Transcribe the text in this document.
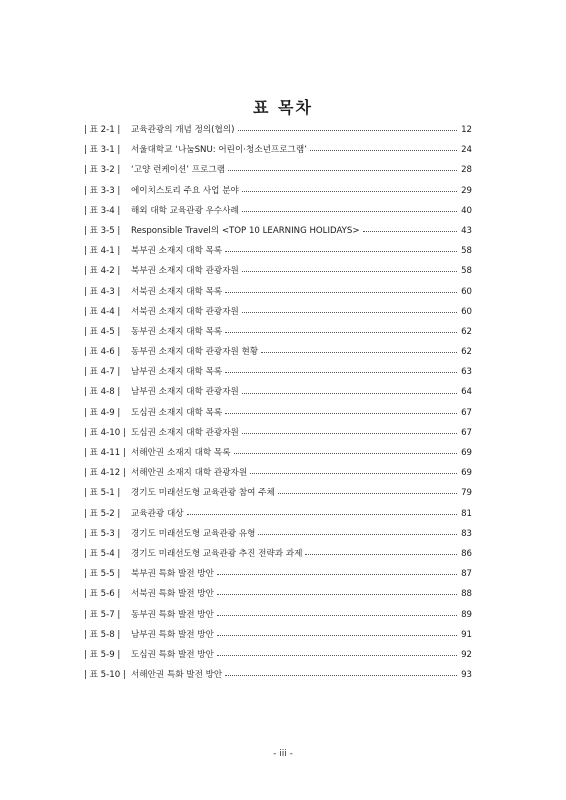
표 목차
| 표 2-1 |	교육관광의 개념 정의(협의)	12
| 표 3-1 |	서울대학교 ‘나눔SNU: 어린이·청소년프로그램’	24
| 표 3-2 |	‘고양 런케이션’ 프로그램	28
| 표 3-3 |	에이치스토리 주요 사업 분야	29
| 표 3-4 |	해외 대학 교육관광 우수사례	40
| 표 3-5 |	Responsible Travel의 <TOP 10 LEARNING HOLIDAYS>	43
| 표 4-1 |	북부권 소재지 대학 목록	58
| 표 4-2 |	북부권 소재지 대학 관광자원	58
| 표 4-3 |	서북권 소재지 대학 목록	60
| 표 4-4 |	서북권 소재지 대학 관광자원	60
| 표 4-5 |	동부권 소재지 대학 목록	62
| 표 4-6 |	동부권 소재지 대학 관광자원 현황	62
| 표 4-7 |	남부권 소재지 대학 목록	63
| 표 4-8 |	남부권 소재지 대학 관광자원	64
| 표 4-9 |	도심권 소재지 대학 목록	67
| 표 4-10 | 도심권 소재지 대학 관광자원	67
| 표 4-11 | 서해안권 소재지 대학 목록	69
| 표 4-12 | 서해안권 소재지 대학 관광자원	69
| 표 5-1 |	경기도 미래선도형 교육관광 참여 주체	79
| 표 5-2 |	교육관광 대상	81
| 표 5-3 |	경기도 미래선도형 교육관광 유형	83
| 표 5-4 |	경기도 미래선도형 교육관광 추진 전략과 과제	86
| 표 5-5 |	북부권 특화 발전 방안	87
| 표 5-6 |	서북권 특화 발전 방안	88
| 표 5-7 |	동부권 특화 발전 방안	89
| 표 5-8 |	남부권 특화 발전 방안	91
| 표 5-9 |	도심권 특화 발전 방안	92
| 표 5-10 | 서해안권 특화 발전 방안	93
- iii -
